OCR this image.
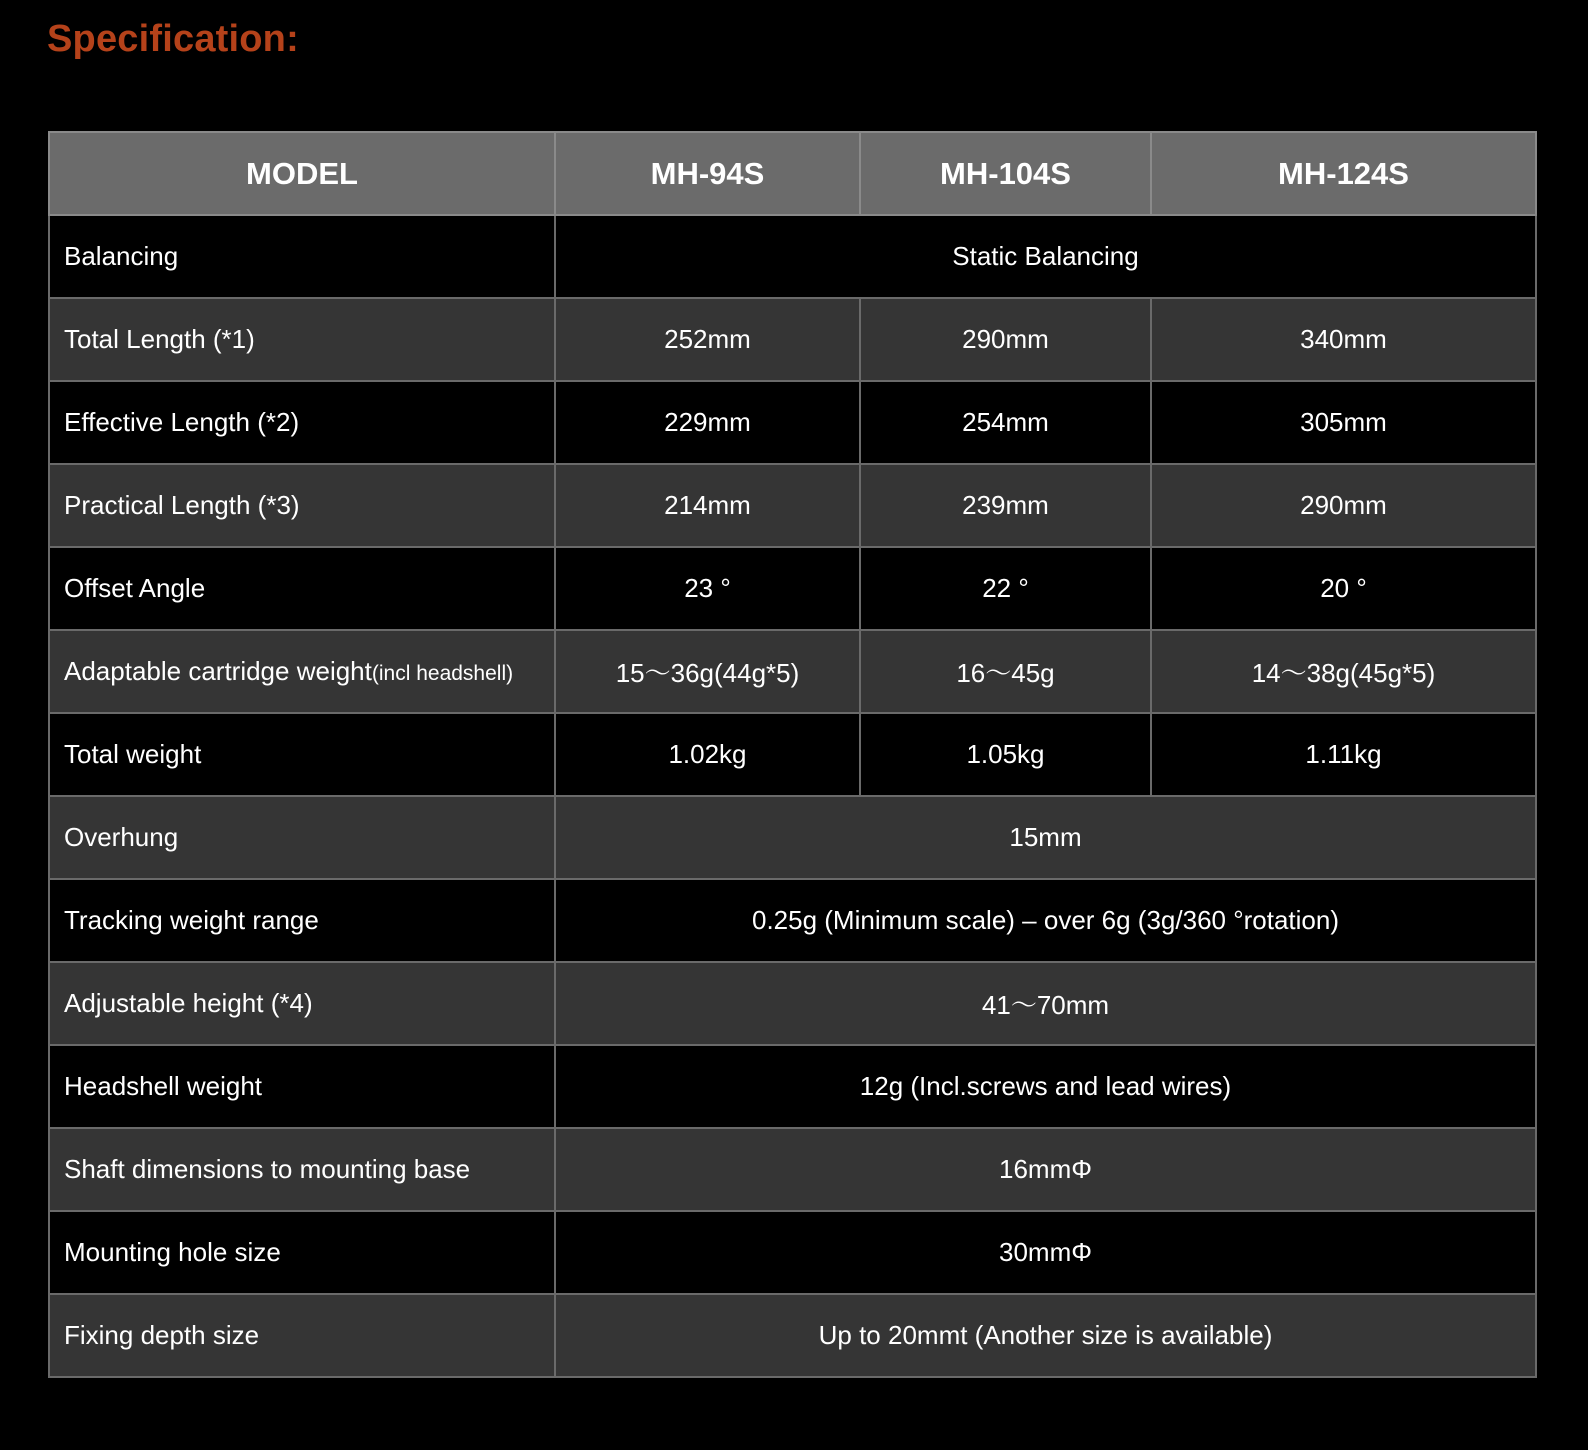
Specification:
MODEL	MH-94S	MH-104S	MH-124S
Balancing	Static Balancing		
Total Length (*1)	252mm	290mm	340mm
Effective Length (*2)	229mm	254mm	305mm
Practical Length (*3)	214mm	239mm	290mm
Offset Angle	23 °	22 °	20 °
Adaptable cartridge weight(incl headshell)	15～36g(44g*5)	16～45g	14～38g(45g*5)
Total weight	1.02kg	1.05kg	1.11kg
Overhung	15mm		
Tracking weight range	0.25g (Minimum scale) – over 6g (3g/360 °rotation)		
Adjustable height (*4)	41～70mm		
Headshell weight	12g (Incl.screws and lead wires)		
Shaft dimensions to mounting base	16mmΦ		
Mounting hole size	30mmΦ		
Fixing depth size	Up to 20mmt (Another size is available)		
